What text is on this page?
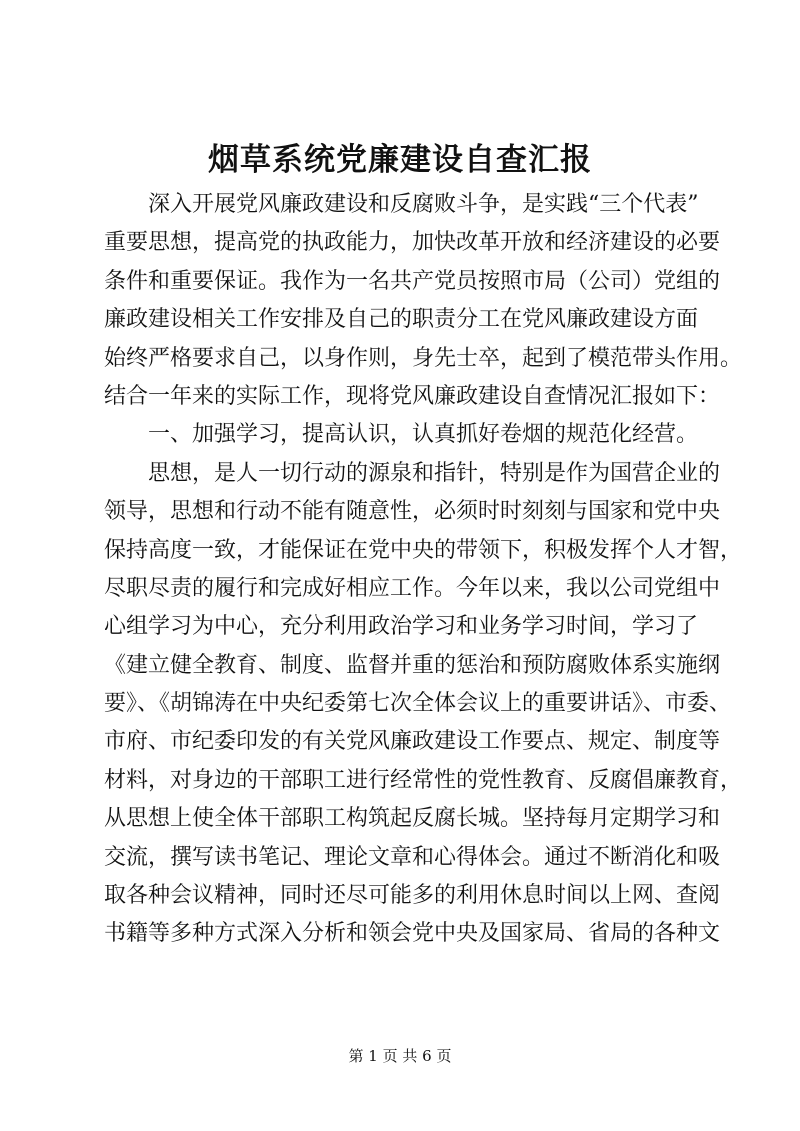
烟草系统党廉建设自查汇报
　　深入开展党风廉政建设和反腐败斗争，是实践“三个代表”
重要思想，提高党的执政能力，加快改革开放和经济建设的必要
条件和重要保证。我作为一名共产党员按照市局（公司）党组的
廉政建设相关工作安排及自己的职责分工在党风廉政建设方面
始终严格要求自己，以身作则，身先士卒，起到了模范带头作用。
结合一年来的实际工作，现将党风廉政建设自查情况汇报如下：
　　一、加强学习，提高认识，认真抓好卷烟的规范化经营。
　　思想，是人一切行动的源泉和指针，特别是作为国营企业的
领导，思想和行动不能有随意性，必须时时刻刻与国家和党中央
保持高度一致，才能保证在党中央的带领下，积极发挥个人才智，
尽职尽责的履行和完成好相应工作。今年以来，我以公司党组中
心组学习为中心，充分利用政治学习和业务学习时间，学习了
《建立健全教育、制度、监督并重的惩治和预防腐败体系实施纲
要》、《胡锦涛在中央纪委第七次全体会议上的重要讲话》、市委、
市府、市纪委印发的有关党风廉政建设工作要点、规定、制度等
材料，对身边的干部职工进行经常性的党性教育、反腐倡廉教育，
从思想上使全体干部职工构筑起反腐长城。坚持每月定期学习和
交流，撰写读书笔记、理论文章和心得体会。通过不断消化和吸
取各种会议精神，同时还尽可能多的利用休息时间以上网、查阅
书籍等多种方式深入分析和领会党中央及国家局、省局的各种文
第 1 页 共 6 页
